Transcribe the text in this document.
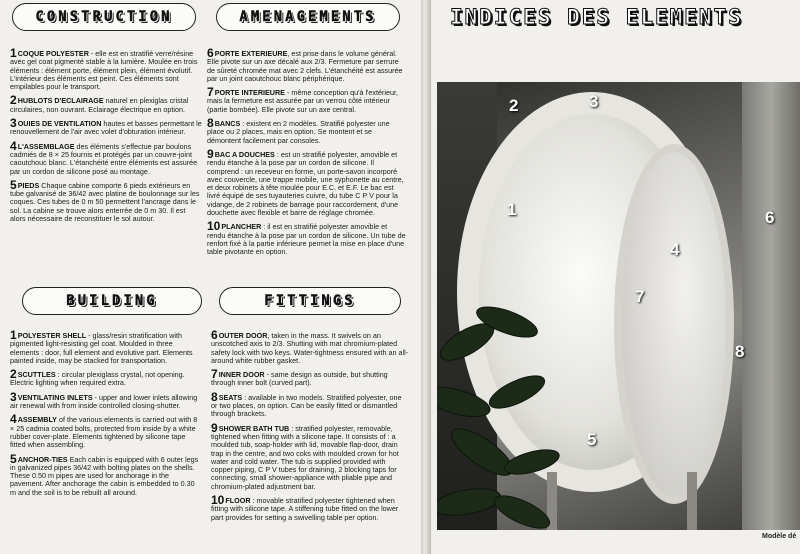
CONSTRUCTION	AMENAGEMENTS
1COQUE POLYESTER - elle est en stratifié verre/résine avec gel coat pigmenté stable à la lumière. Moulée en trois éléments : élément porte, élément plein, élément évolutif. L'intérieur des éléments est peint. Ces éléments sont empilables pour le transport.
2HUBLOTS D'ECLAIRAGE naturel en plexiglas cristal circulaires, non ouvrant. Eclairage électrique en option.
3OUIES DE VENTILATION hautes et basses permettant le renouvellement de l'air avec volet d'obturation intérieur.
4L'ASSEMBLAGE des éléments s'effectue par boulons cadmiés de 8 × 25 fournis et protégés par un couvre-joint caoutchouc blanc. L'étanchéité entre éléments est assurée par un cordon de silicone posé au montage.
5PIEDS Chaque cabine comporte 6 pieds extérieurs en tube galvanisé de 36/42 avec platine de boulonnage sur les coques. Ces tubes de 0 m 50 permettent l'ancrage dans le sol. La cabine se trouve alors enterrée de 0 m 30. Il est alors nécessaire de reconstituer le sol autour.
6PORTE EXTERIEURE, est prise dans le volume général. Elle pivote sur un axe décalé aux 2/3. Fermeture par serrure de sûreté chromée mat avec 2 clefs. L'étanchéité est assurée par un joint caoutchouc blanc périphérique.
7PORTE INTERIEURE - même conception qu'à l'extérieur, mais la fermeture est assurée par un verrou côté intérieur (partie bombée). Elle pivote sur un axe central.
8BANCS : existent en 2 modèles. Stratifié polyester une place ou 2 places, mais en option. Se montent et se démontent facilement par consoles.
9BAC A DOUCHES : est un stratifié polyester, amovible et rendu étanche à la pose par un cordon de silicone. Il comprend : un receveur en forme, un porte-savon incorporé avec couvercle, une trappe mobile, une syphonette au centre, et deux robinets à tête moulée pour E.C. et E.F. Le bac est livré équipé de ses tuyauteries cuivre, du tube C P V pour la vidange, de 2 robinets de barrage pour raccordement, d'une douchette avec flexible et barre de réglage chromée.
10PLANCHER : il est en stratifié polyester amovible et rendu étanche à la pose par un cordon de silicone. Un tube de renfort fixé à la partie inférieure permet la mise en place d'une table pivotante en option.
BUILDING	FITTINGS
1POLYESTER SHELL - glass/resin stratification with pigmented light-resisting gel coat. Moulded in three elements : door, full element and evolutive part. Elements painted inside, may be stacked for transportation.
2SCUTTLES : circular plexiglass crystal, not opening. Electric lighting when required extra.
3VENTILATING INLETS - upper and lower inlets allowing air renewal with from inside controlled closing-shutter.
4ASSEMBLY of the various elements is carried out with 8 × 25 cadmia coated bolts, protected from inside by a white rubber cover-plate. Elements tightened by silicone tape fitted when assembling.
5ANCHOR-TIES Each cabin is equipped with 6 outer legs in galvanized pipes 36/42 with bolting plates on the shells. These 0.50 m pipes are used for anchorage in the pavement. After anchorage the cabin is embedded to 0.30 m and the soil is to be rebuilt all around.
6OUTER DOOR, taken in the mass. It swivels on an unscotched axis to 2/3. Shutting with mat chromium-plated safety lock with two keys. Water-tightness ensured with an all-around white rubber gasket.
7INNER DOOR - same design as outside, but shutting through inner bolt (curved part).
8SEATS : available in two models. Stratified polyester, one or two places, on option. Can be easily fitted or dismantled through brackets.
9SHOWER BATH TUB : stratified polyester, removable, tightened when fitting with a silicone tape. It consists of : a moulded tub, soap-holder with lid, movable flap-door, drain trap in the centre, and two coks with moulded crown for hot water and cold water. The tub is supplied provided with copper piping, C P V tubes for draining, 2 blocking taps for connecting, small shower-appliance with pliable pipe and chromium-plated adjustment bar.
10FLOOR : movable stratified polyester tightened when fitting with silicone tape. A stiffening tube fitted on the lower part provides for setting a swivelling table per option.
INDICES DES ELEMENTS
1
2	3
4
5
6
7
8
Modèle dé
